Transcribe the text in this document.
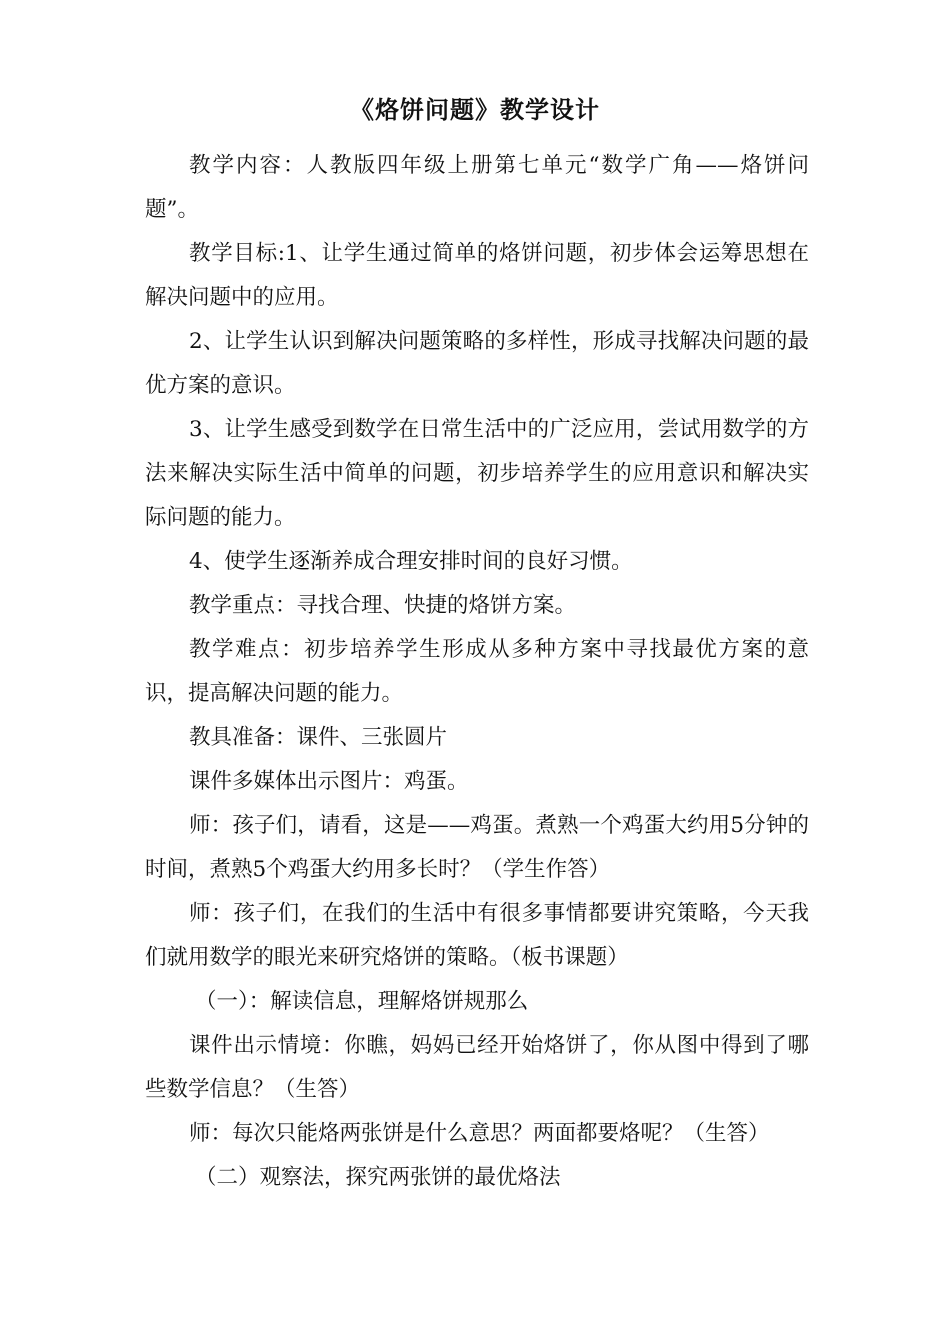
《烙饼问题》教学设计

教学内容：人教版四年级上册第七单元“数学广角——烙饼问题”。

教学目标:1、让学生通过简单的烙饼问题，初步体会运筹思想在解决问题中的应用。

2、让学生认识到解决问题策略的多样性，形成寻找解决问题的最优方案的意识。

3、让学生感受到数学在日常生活中的广泛应用，尝试用数学的方法来解决实际生活中简单的问题，初步培养学生的应用意识和解决实际问题的能力。

4、使学生逐渐养成合理安排时间的良好习惯。

教学重点：寻找合理、快捷的烙饼方案。

教学难点：初步培养学生形成从多种方案中寻找最优方案的意识，提高解决问题的能力。

教具准备：课件、三张圆片

课件多媒体出示图片：鸡蛋。

师：孩子们，请看，这是——鸡蛋。煮熟一个鸡蛋大约用5分钟的时间，煮熟5个鸡蛋大约用多长时？（学生作答）

师：孩子们，在我们的生活中有很多事情都要讲究策略，今天我们就用数学的眼光来研究烙饼的策略。（板书课题）

（一）：解读信息，理解烙饼规那么

课件出示情境：你瞧，妈妈已经开始烙饼了，你从图中得到了哪些数学信息？（生答）

师：每次只能烙两张饼是什么意思？两面都要烙呢？（生答）

（二）观察法，探究两张饼的最优烙法
